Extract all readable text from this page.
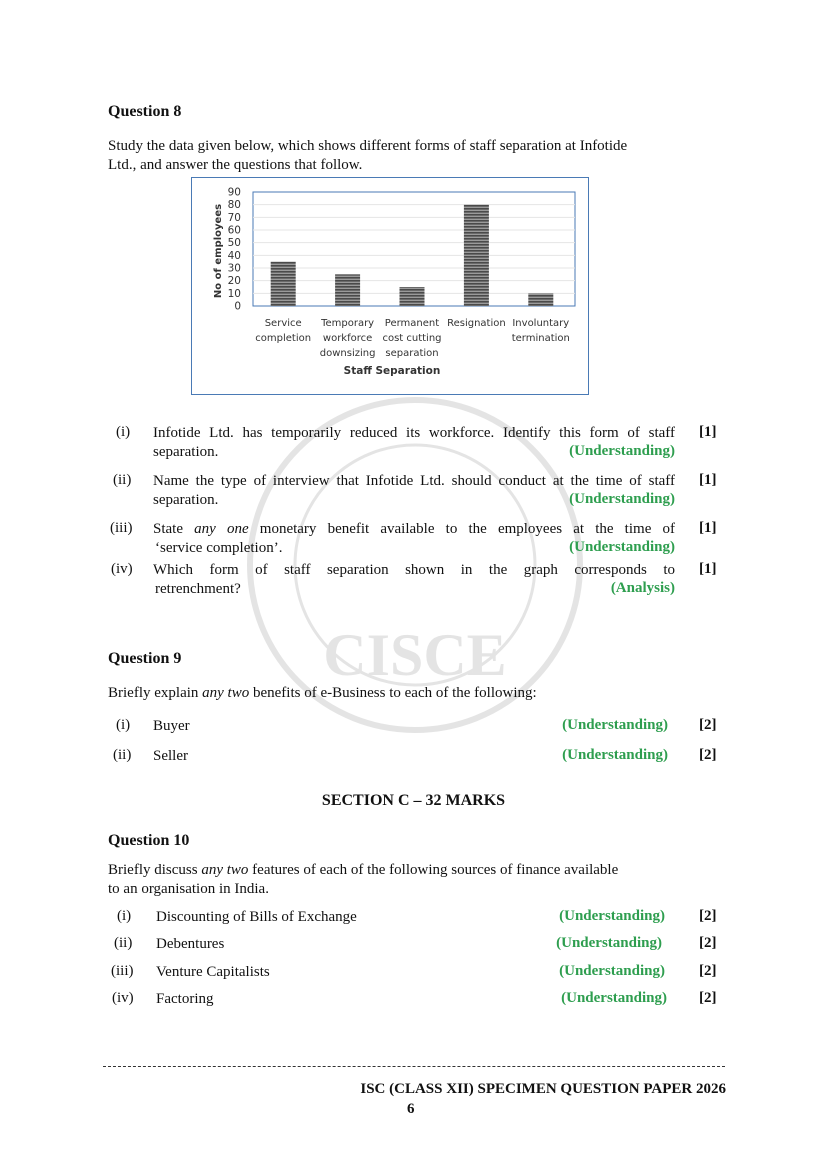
CISCE
Question 8
Study the data given below, which shows different forms of staff separation at Infotide
Ltd., and answer the questions that follow.
0
10
20
30
40
50
60
70
80
90
Service completion
Temporary workforce downsizing
Permanent cost cutting separation
Resignation Involuntary termination
No of employees
Staff Separation
(i) Infotide Ltd. has temporarily reduced its workforce. Identify this form of staff
separation.	(Understanding)
[1]
(ii) Name the type of interview that Infotide Ltd. should conduct at the time of staff
separation.	(Understanding)
[1]
(iii) State any one monetary benefit available to the employees at the time of
‘service completion’.	(Understanding)
[1]
(iv) Which form of staff separation shown in the graph corresponds to
retrenchment?	(Analysis)
[1]
Question 9
Briefly explain any two benefits of e-Business to each of the following:
(i) Buyer	(Understanding) [2]
(ii) Seller	(Understanding) [2]
SECTION C – 32 MARKS
Question 10
Briefly discuss any two features of each of the following sources of finance available
to an organisation in India.
(i) Discounting of Bills of Exchange	(Understanding) [2]
(ii) Debentures	(Understanding) [2]
(iii) Venture Capitalists	(Understanding) [2]
(iv) Factoring	(Understanding) [2]
ISC (CLASS XII) SPECIMEN QUESTION PAPER 2026
6
